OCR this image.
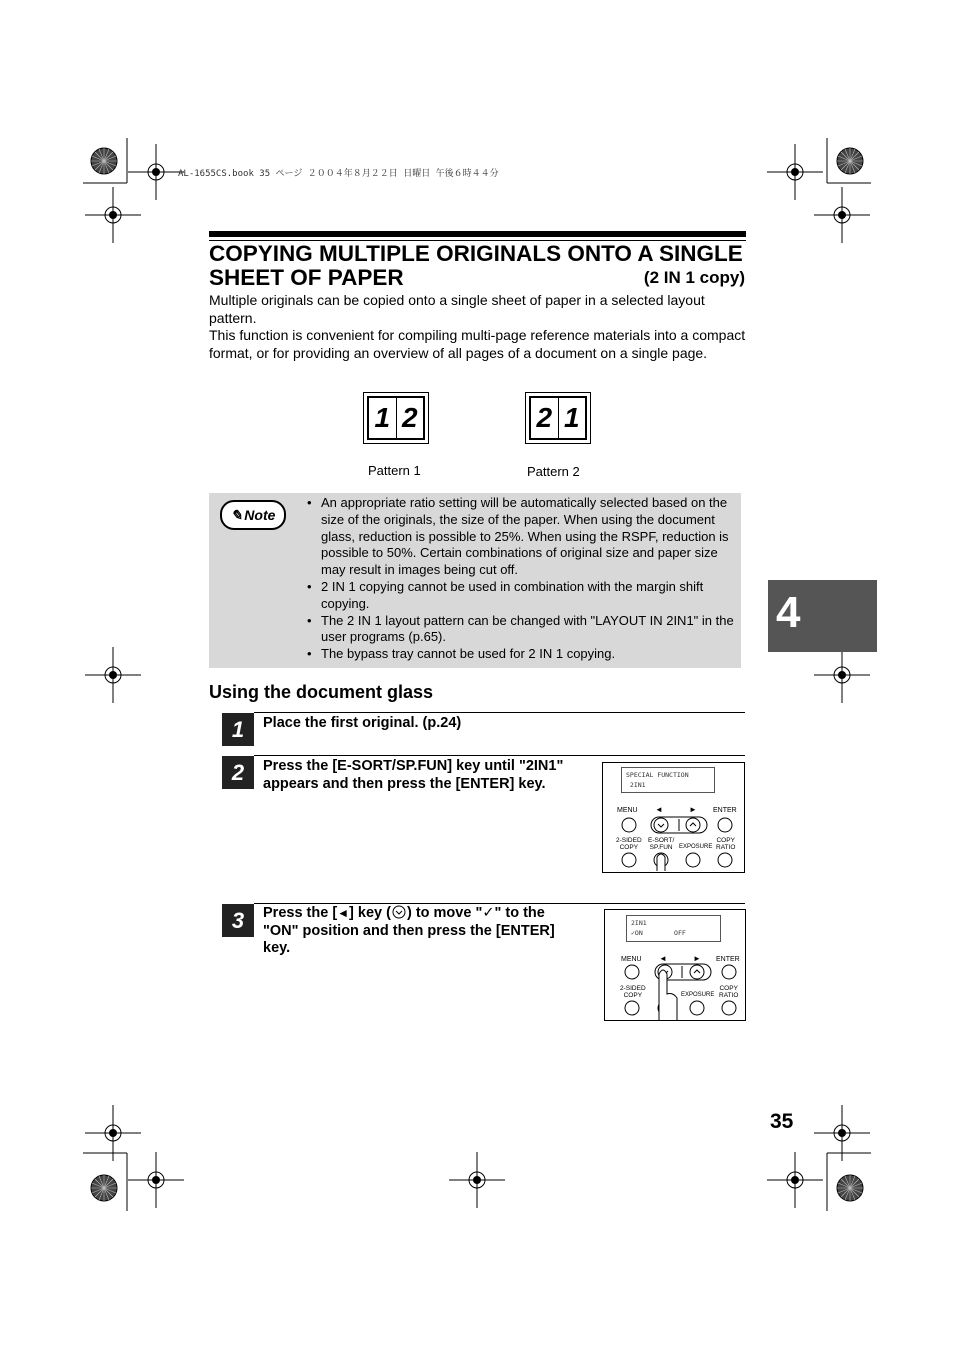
AL-1655CS.book 35 ページ ２００４年８月２２日 日曜日 午後６時４４分
COPYING MULTIPLE ORIGINALS ONTO A SINGLE SHEET OF PAPER	(2 IN 1 copy)

Multiple originals can be copied onto a single sheet of paper in a selected layout pattern.

This function is convenient for compiling multi-page reference materials into a compact format, or for providing an overview of all pages of a document on a single page.

1 2	2 1
Pattern 1	Pattern 2
✎ Note
• An appropriate ratio setting will be automatically selected based on the size of the originals, the size of the paper. When using the document glass, reduction is possible to 25%. When using the RSPF, reduction is possible to 50%. Certain combinations of original size and paper size may result in images being cut off.
• 2 IN 1 copying cannot be used in combination with the margin shift copying.
• The 2 IN 1 layout pattern can be changed with "LAYOUT IN 2IN1" in the user programs (p.65).
• The bypass tray cannot be used for 2 IN 1 copying.
Using the document glass
1	Place the first original. (p.24)
2	Press the [E-SORT/SP.FUN] key until "2IN1" appears and then press the [ENTER] key.
SPECIAL FUNCTION
2IN1
MENU	ENTER
◄	►
2-SIDED
COPY
E-SORT/
SP.FUN EXPOSURE
COPY
RATIO
3	Press the [◄] key ( ) to move "✓" to the "ON" position and then press the [ENTER] key.
2IN1
✓ON        OFF
MENU	ENTER
◄	►
2-SIDED
COPY	EXPOSURE
COPY
RATIO
4
35
